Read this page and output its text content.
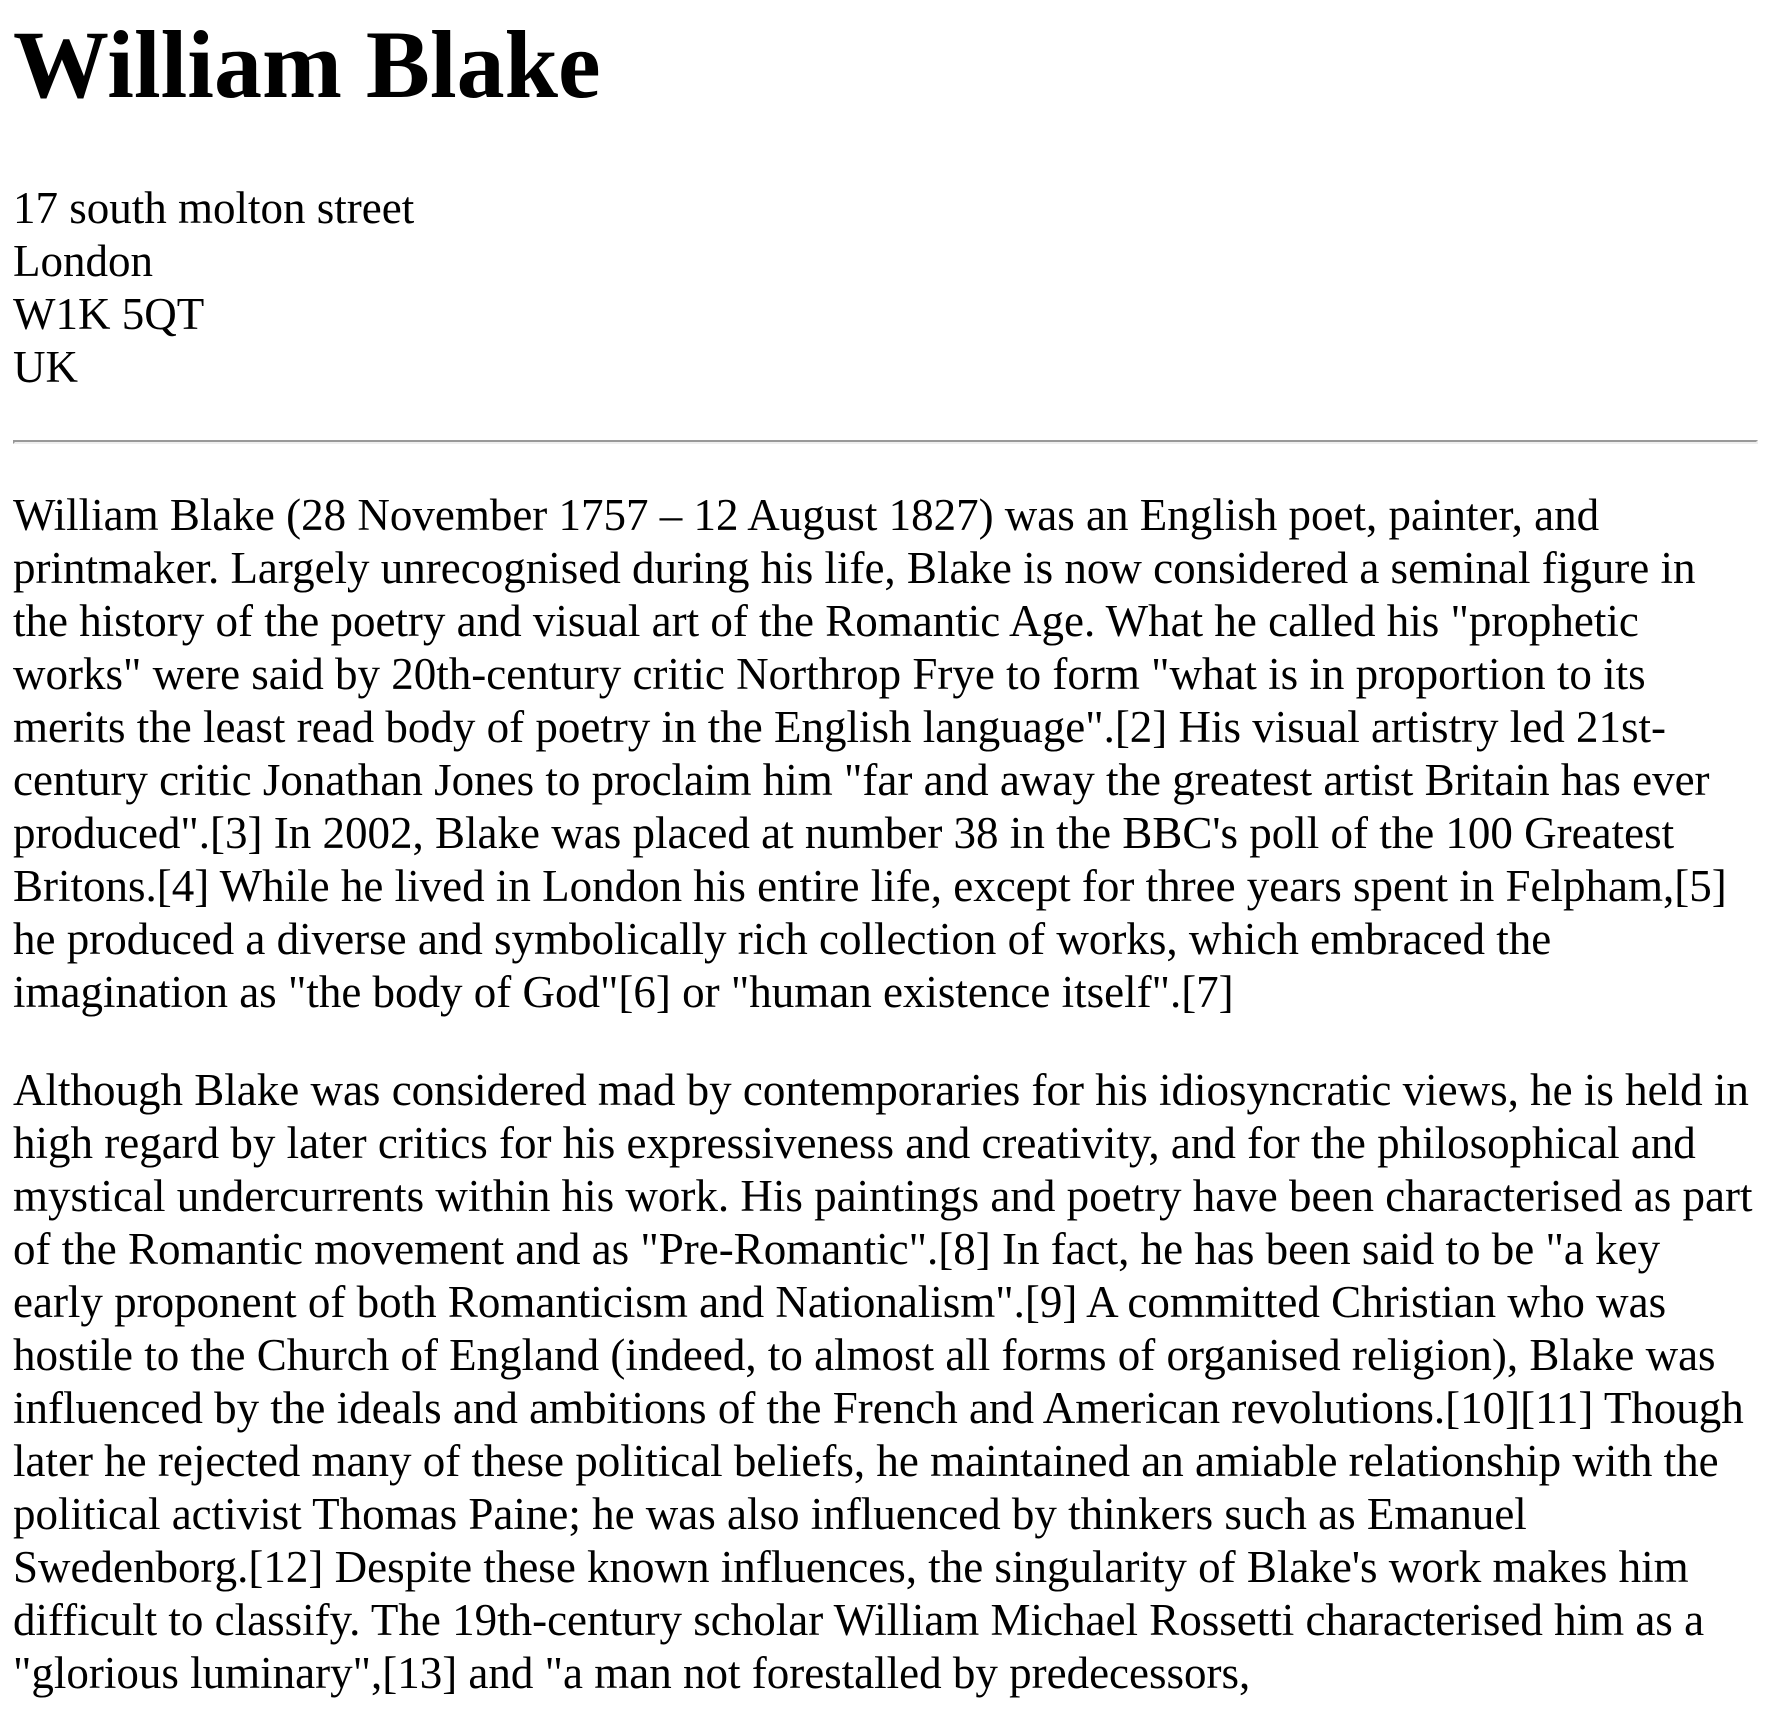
William Blake
17 south molton street
London
W1K 5QT
UK

William Blake (28 November 1757 – 12 August 1827) was an English poet, painter, and printmaker. Largely unrecognised during his life, Blake is now considered a seminal figure in the history of the poetry and visual art of the Romantic Age. What he called his "prophetic works" were said by 20th-century critic Northrop Frye to form "what is in proportion to its merits the least read body of poetry in the English language".[2] His visual artistry led 21st-century critic Jonathan Jones to proclaim him "far and away the greatest artist Britain has ever produced".[3] In 2002, Blake was placed at number 38 in the BBC's poll of the 100 Greatest Britons.[4] While he lived in London his entire life, except for three years spent in Felpham,[5] he produced a diverse and symbolically rich collection of works, which embraced the imagination as "the body of God"[6] or "human existence itself".[7]

Although Blake was considered mad by contemporaries for his idiosyncratic views, he is held in high regard by later critics for his expressiveness and creativity, and for the philosophical and mystical undercurrents within his work. His paintings and poetry have been characterised as part of the Romantic movement and as "Pre-Romantic".[8] In fact, he has been said to be "a key early proponent of both Romanticism and Nationalism".[9] A committed Christian who was hostile to the Church of England (indeed, to almost all forms of organised religion), Blake was influenced by the ideals and ambitions of the French and American revolutions.[10][11] Though later he rejected many of these political beliefs, he maintained an amiable relationship with the political activist Thomas Paine; he was also influenced by thinkers such as Emanuel Swedenborg.[12] Despite these known influences, the singularity of Blake's work makes him difficult to classify. The 19th-century scholar William Michael Rossetti characterised him as a "glorious luminary",[13] and "a man not forestalled by predecessors,
